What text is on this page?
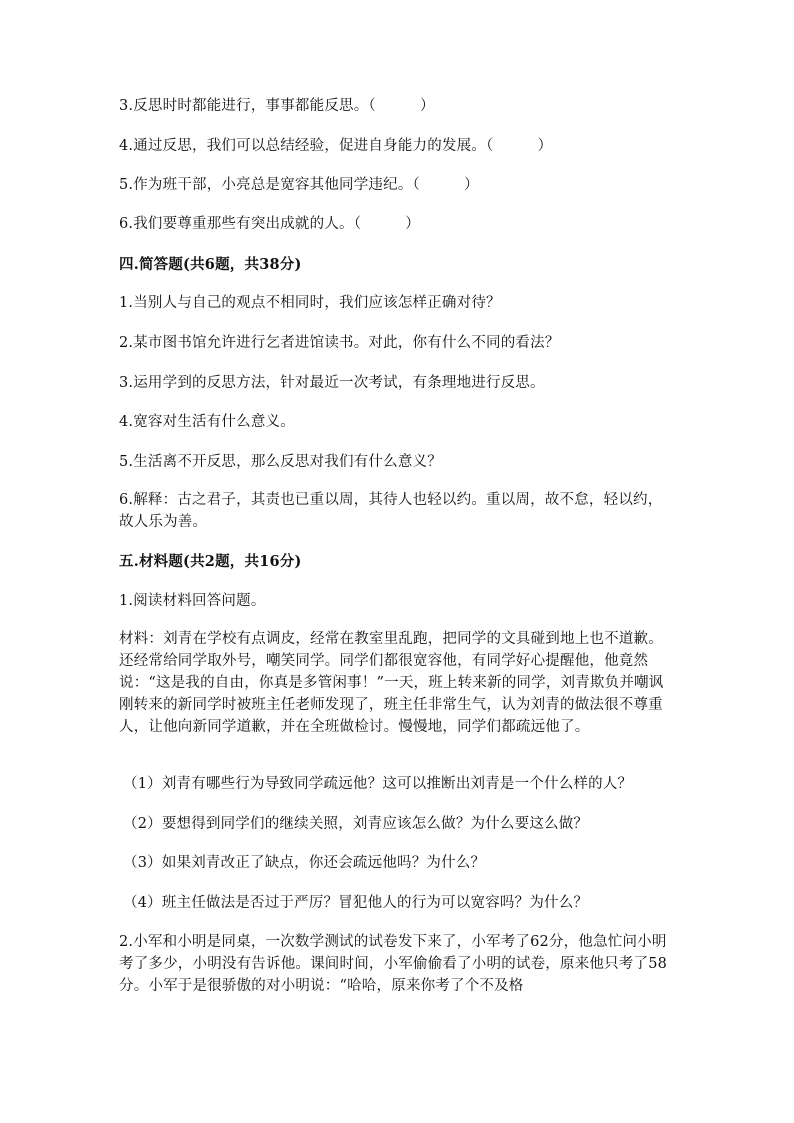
3.反思时时都能进行，事事都能反思。（　　　）
4.通过反思，我们可以总结经验，促进自身能力的发展。（　　　）
5.作为班干部，小亮总是宽容其他同学违纪。（　　　）
6.我们要尊重那些有突出成就的人。（　　　）
四.简答题(共6题，共38分)
1.当别人与自己的观点不相同时，我们应该怎样正确对待？
2.某市图书馆允许进行乞者进馆读书。对此，你有什么不同的看法？
3.运用学到的反思方法，针对最近一次考试，有条理地进行反思。
4.宽容对生活有什么意义。
5.生活离不开反思，那么反思对我们有什么意义？
6.解释：古之君子，其责也已重以周，其待人也轻以约。重以周，故不怠，轻以约，故人乐为善。
五.材料题(共2题，共16分)
1.阅读材料回答问题。
材料：刘青在学校有点调皮，经常在教室里乱跑，把同学的文具碰到地上也不道歉。还经常给同学取外号，嘲笑同学。同学们都很宽容他，有同学好心提醒他，他竟然说：“这是我的自由，你真是多管闲事！”一天，班上转来新的同学，刘青欺负并嘲讽刚转来的新同学时被班主任老师发现了，班主任非常生气，认为刘青的做法很不尊重人，让他向新同学道歉，并在全班做检讨。慢慢地，同学们都疏远他了。
（1）刘青有哪些行为导致同学疏远他？这可以推断出刘青是一个什么样的人？
（2）要想得到同学们的继续关照，刘青应该怎么做？为什么要这么做？
（3）如果刘青改正了缺点，你还会疏远他吗？为什么？
（4）班主任做法是否过于严厉？冒犯他人的行为可以宽容吗？为什么？
2.小军和小明是同桌，一次数学测试的试卷发下来了，小军考了62分，他急忙问小明考了多少，小明没有告诉他。课间时间，小军偷偷看了小明的试卷，原来他只考了58分。小军于是很骄傲的对小明说：“哈哈，原来你考了个不及格
